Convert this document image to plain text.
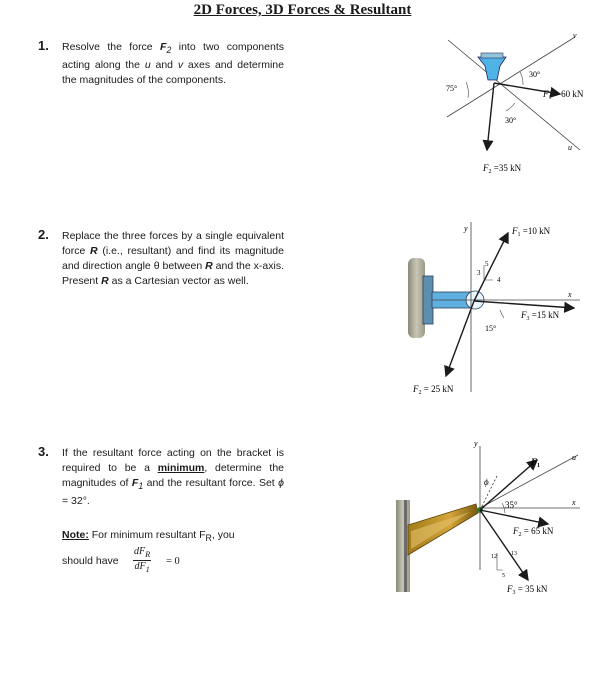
2D Forces, 3D Forces & Resultant
1. Resolve the force $F_2$ into two components acting along the u and v axes and determine the magnitudes of the components.
2. Replace the three forces by a single equivalent force R (i.e., resultant) and find its magnitude and direction angle θ between R and the x-axis. Present R as a Cartesian vector as well.
3. If the resultant force acting on the bracket is required to be a minimum, determine the magnitudes of $F_1$ and the resultant force. Set ϕ = 32°.
Note: For minimum resultant $F_R$, you
should have
$dF_R$
$dF_1$
= 0
75°
30°
30°
v
u
$F_1 = 60$ kN
$F_2 =35$ kN
3
4
5
15°
y
x
$F_1 =10$ kN
$F_3 =15$ kN
$F_2 = 25$ kN
12
5
13
35°
ϕ
y
x
u
$F_1$
$F_2 = 65$ kN
$F_3 = 35$ kN
